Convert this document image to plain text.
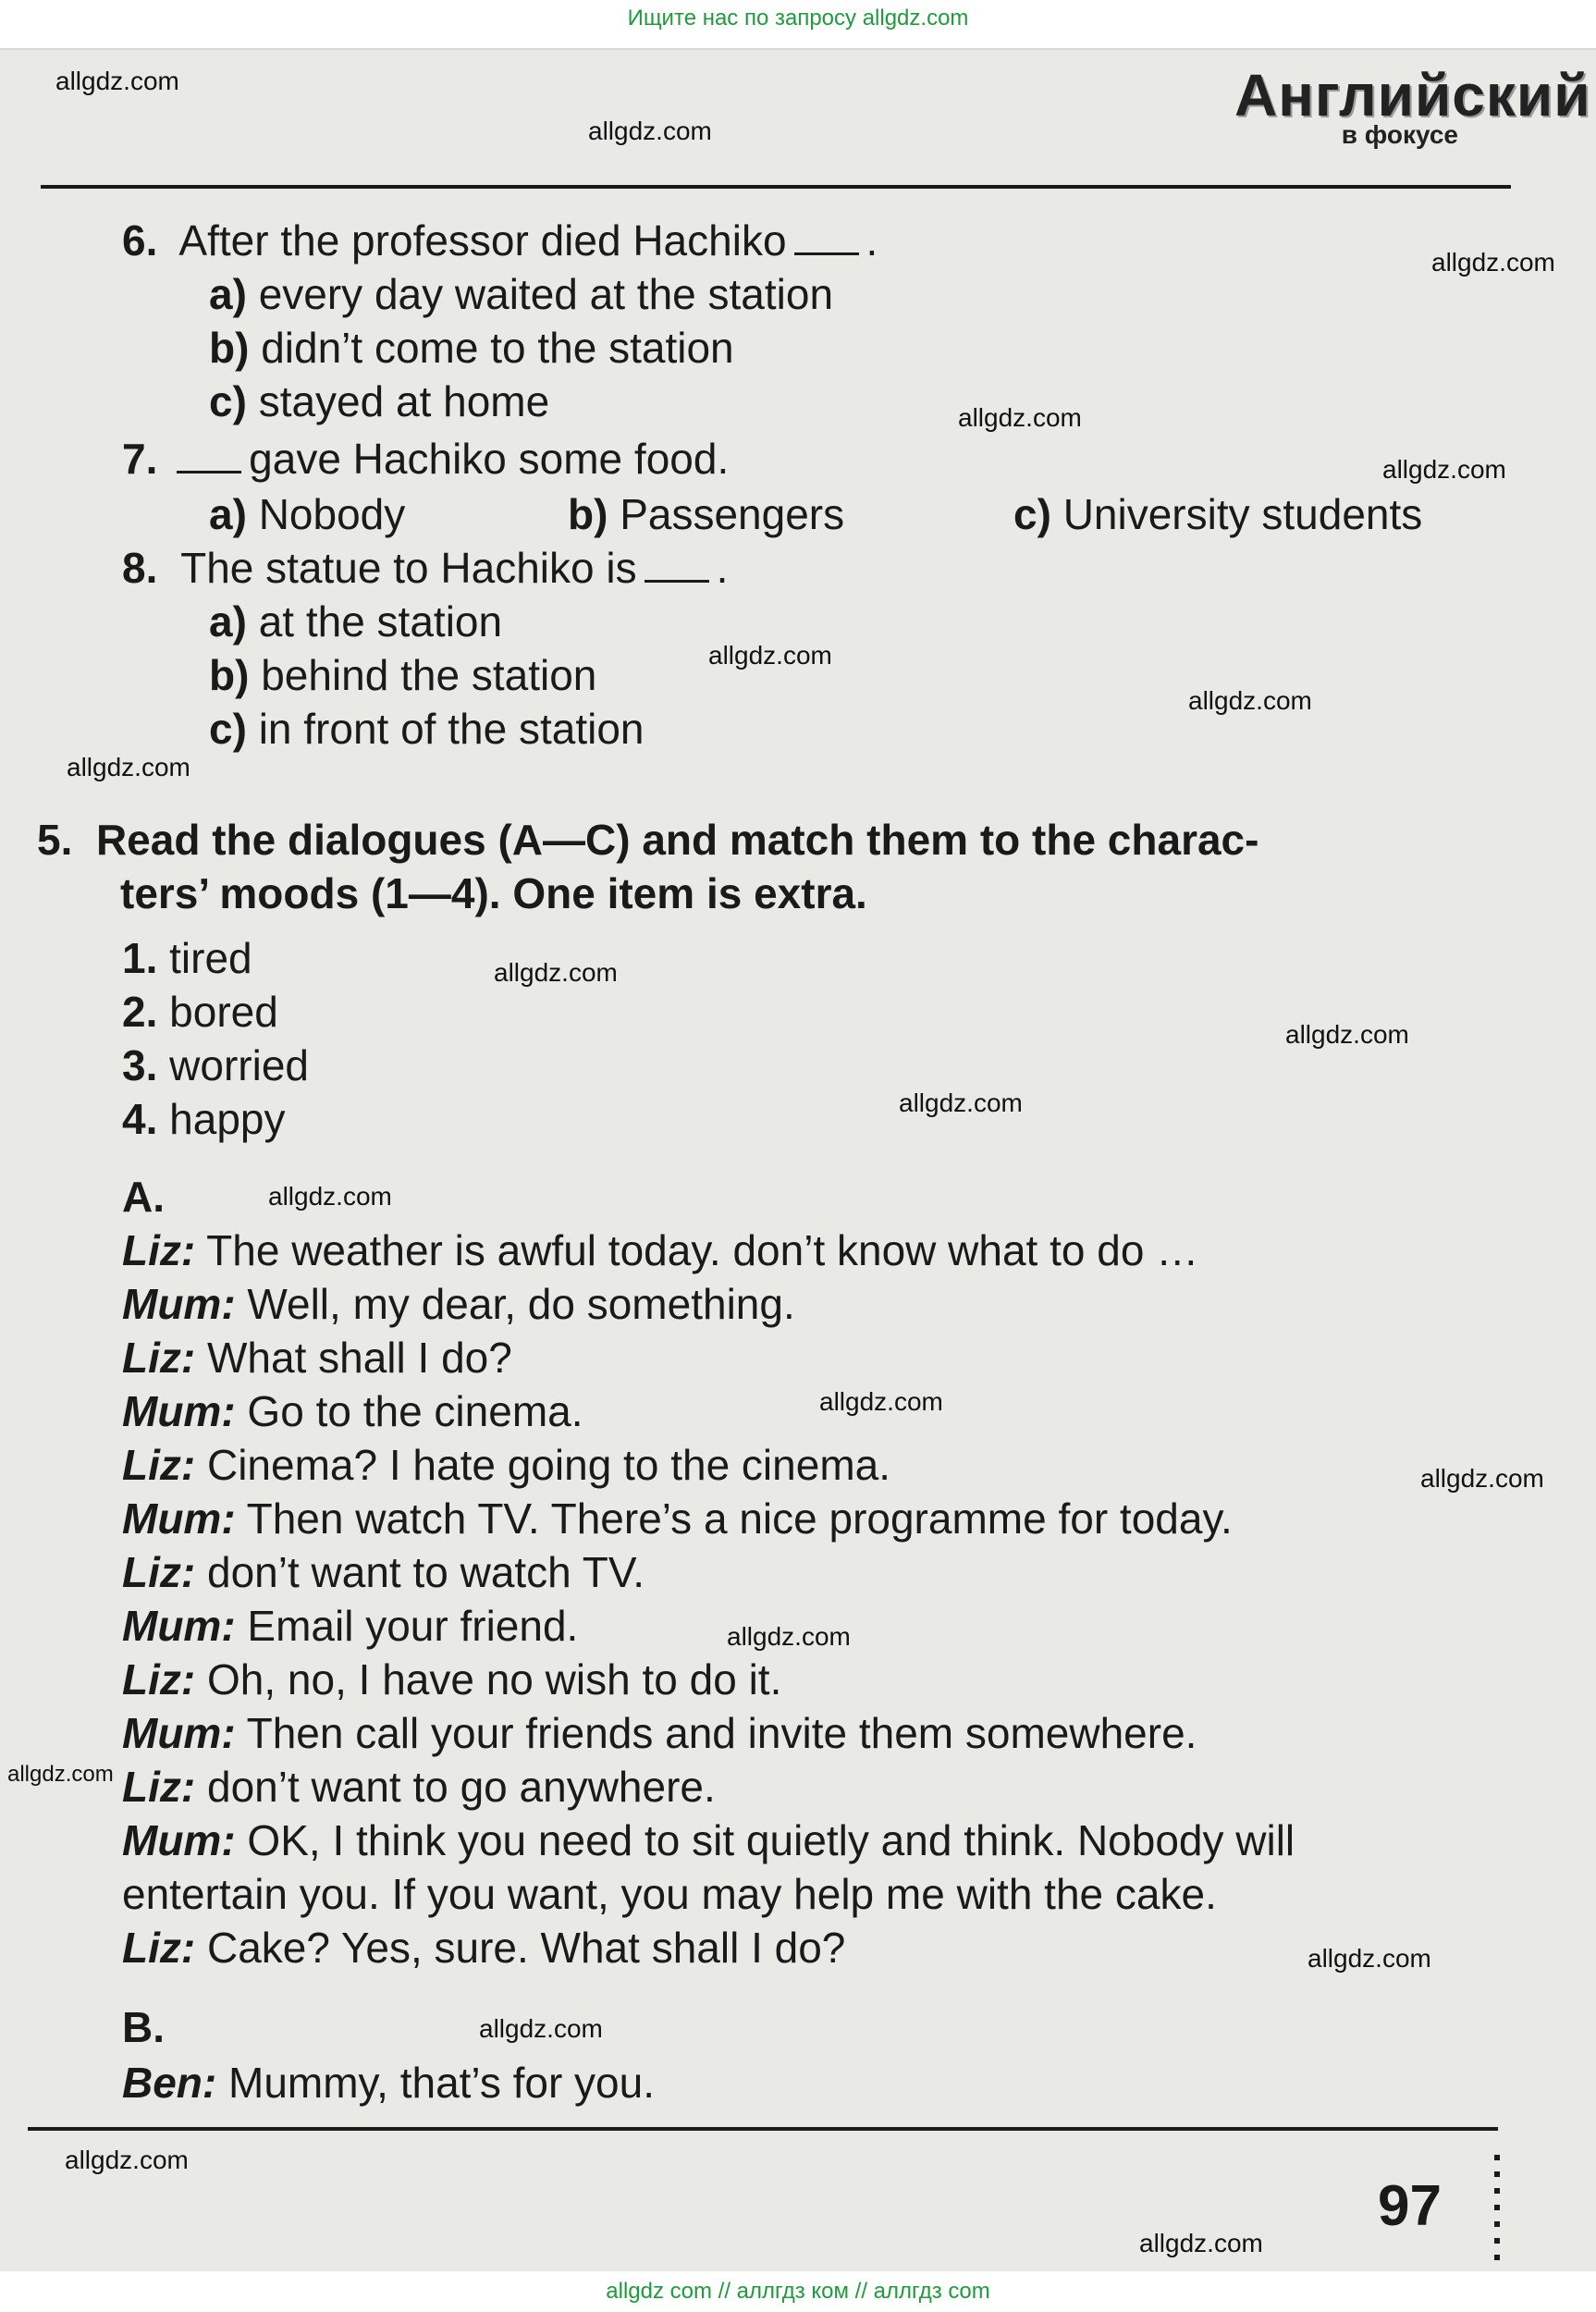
Ищите нас по запросу allgdz.com
allgdz.com
allgdz.com
allgdz.com
allgdz.com
allgdz.com
allgdz.com
allgdz.com
allgdz.com
allgdz.com
allgdz.com
allgdz.com
allgdz.com
allgdz.com
allgdz.com
allgdz.com
allgdz.com
allgdz.com
allgdz.com
allgdz.com
allgdz.com
Английский
в фокусе
6. After the professor died Hachiko .
a) every day waited at the station
b) didn’t come to the station
c) stayed at home
7. gave Hachiko some food.
a) Nobody	b) Passengers	c) University students
8. The statue to Hachiko is .
a) at the station
b) behind the station
c) in front of the station
5. Read the dialogues (A—C) and match them to the charac-
ters’ moods (1—4). One item is extra.
1. tired
2. bored
3. worried
4. happy
A.
Liz: The weather is awful today. don’t know what to do …
Mum: Well, my dear, do something.
Liz: What shall I do?
Mum: Go to the cinema.
Liz: Cinema? I hate going to the cinema.
Mum: Then watch TV. There’s a nice programme for today.
Liz: don’t want to watch TV.
Mum: Email your friend.
Liz: Oh, no, I have no wish to do it.
Mum: Then call your friends and invite them somewhere.
Liz: don’t want to go anywhere.
Mum: OK, I think you need to sit quietly and think. Nobody will
entertain you. If you want, you may help me with the cake.
Liz: Cake? Yes, sure. What shall I do?
B.
Ben: Mummy, that’s for you.
97
allgdz com // аллгдз ком // аллгдз com
